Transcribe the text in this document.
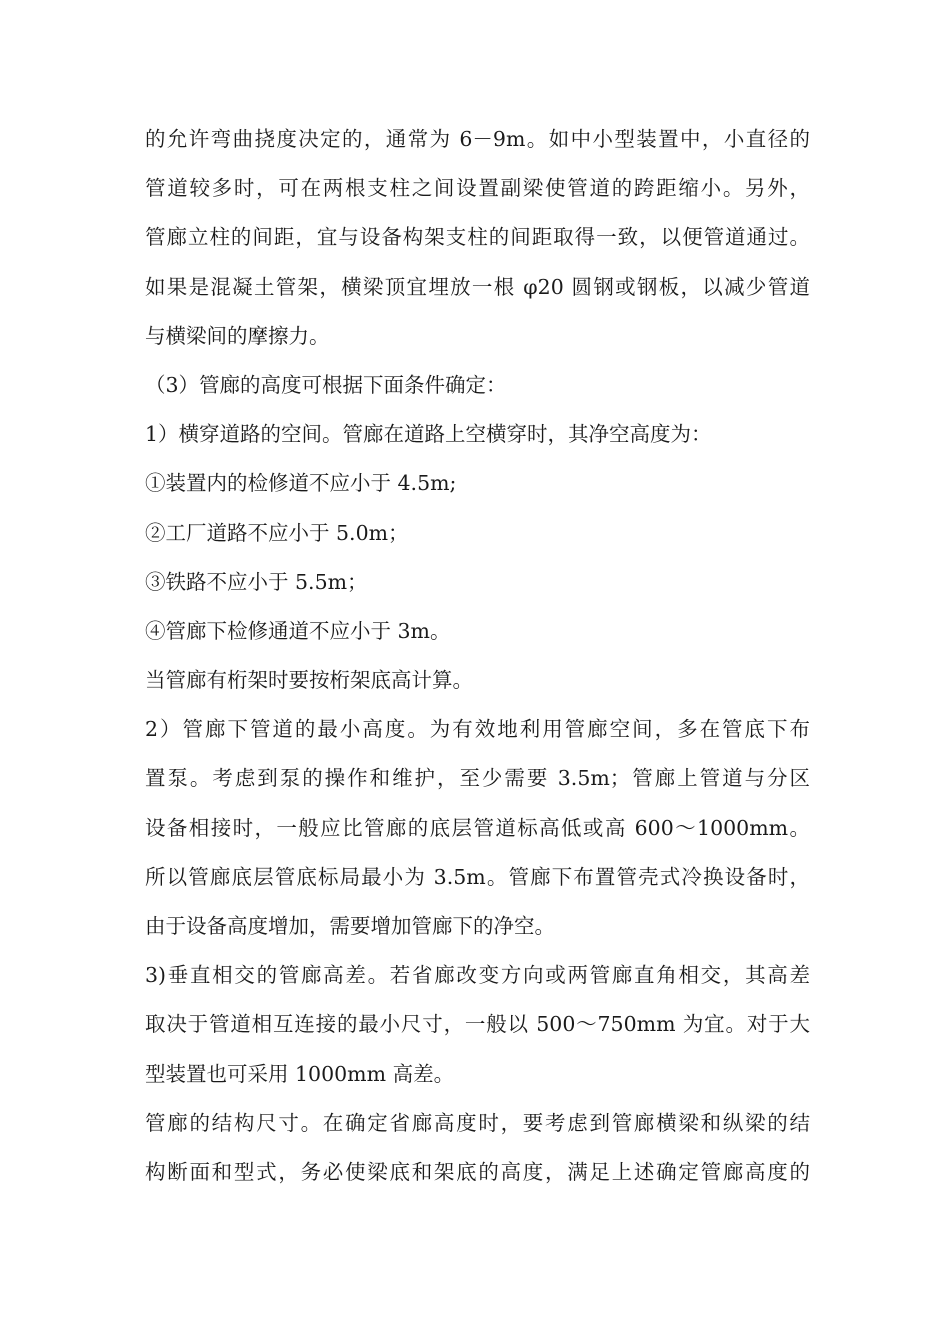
的允许弯曲挠度决定的，通常为 6－9m。如中小型装置中，小直径的
管道较多时，可在两根支柱之间设置副梁使管道的跨距缩小。另外，
管廊立柱的间距，宜与设备构架支柱的间距取得一致，以便管道通过。
如果是混凝土管架，横梁顶宜埋放一根 φ20 圆钢或钢板，以减少管道
与横梁间的摩擦力。
（3）管廊的高度可根据下面条件确定：
1）横穿道路的空间。管廊在道路上空横穿时，其净空高度为：
①装置内的检修道不应小于 4.5m;
②工厂道路不应小于 5.0m；
③铁路不应小于 5.5m；
④管廊下检修通道不应小于 3m。
当管廊有桁架时要按桁架底高计算。
2）管廊下管道的最小高度。为有效地利用管廊空间，多在管底下布
置泵。考虑到泵的操作和维护，至少需要 3.5m；管廊上管道与分区
设备相接时，一般应比管廊的底层管道标高低或高 600～1000mm。
所以管廊底层管底标局最小为 3.5m。管廊下布置管壳式冷换设备时，
由于设备高度增加，需要增加管廊下的净空。
3)垂直相交的管廊高差。若省廊改变方向或两管廊直角相交，其高差
取决于管道相互连接的最小尺寸，一般以 500～750mm 为宜。对于大
型装置也可采用 1000mm 高差。
管廊的结构尺寸。在确定省廊高度时，要考虑到管廊横梁和纵梁的结
构断面和型式，务必使梁底和架底的高度，满足上述确定管廊高度的
